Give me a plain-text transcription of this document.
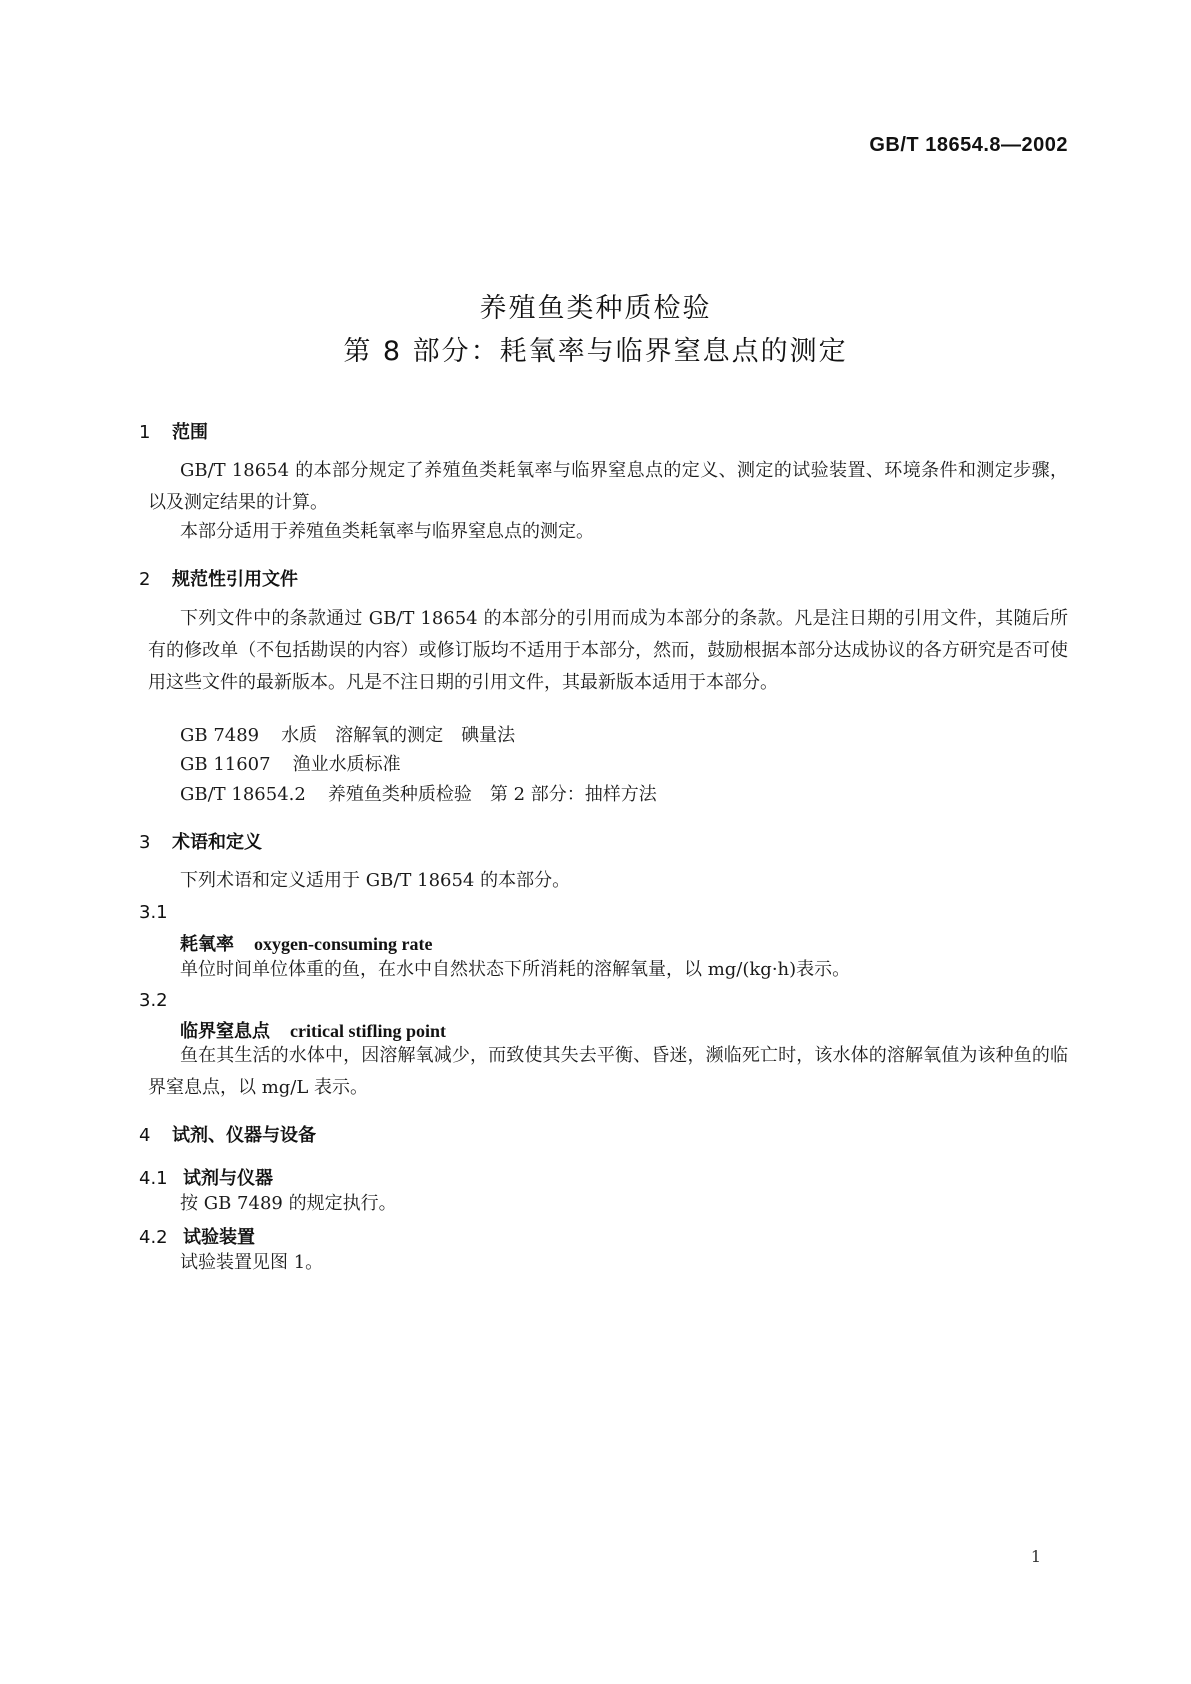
GB/T 18654.8—2002
养殖鱼类种质检验
第 8 部分：耗氧率与临界窒息点的测定
1 范围
GB/T 18654 的本部分规定了养殖鱼类耗氧率与临界窒息点的定义、测定的试验装置、环境条件和测定步骤，以及测定结果的计算。
本部分适用于养殖鱼类耗氧率与临界窒息点的测定。
2 规范性引用文件
下列文件中的条款通过 GB/T 18654 的本部分的引用而成为本部分的条款。凡是注日期的引用文件，其随后所有的修改单（不包括勘误的内容）或修订版均不适用于本部分，然而，鼓励根据本部分达成协议的各方研究是否可使用这些文件的最新版本。凡是不注日期的引用文件，其最新版本适用于本部分。
GB 7489 水质　溶解氧的测定　碘量法
GB 11607 渔业水质标准
GB/T 18654.2 养殖鱼类种质检验　第 2 部分：抽样方法
3 术语和定义
下列术语和定义适用于 GB/T 18654 的本部分。
3.1
耗氧率 oxygen-consuming rate
单位时间单位体重的鱼，在水中自然状态下所消耗的溶解氧量，以 mg/(kg·h)表示。
3.2
临界窒息点 critical stifling point
鱼在其生活的水体中，因溶解氧减少，而致使其失去平衡、昏迷，濒临死亡时，该水体的溶解氧值为该种鱼的临界窒息点，以 mg/L 表示。
4 试剂、仪器与设备
4.1 试剂与仪器
按 GB 7489 的规定执行。
4.2 试验装置
试验装置见图 1。
1
